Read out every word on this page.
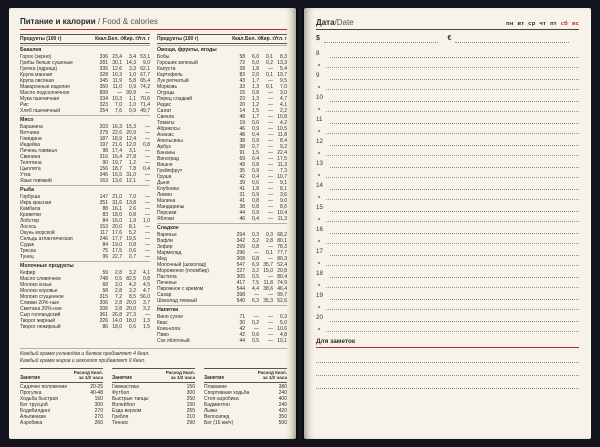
Питание и калории / Food & calories
Продукты (100 г)	Ккал. Бел. г Жир. г Угл. г
Бакалея
Горох (зерно)	336 23,4	3,4 53,1
Грибы белые сушеные	281 30,1 14,3	9,0
Гречка (ядрица)	335 12,6	3,3 62,1
Крупа манная	328 10,3	1,0 67,7
Крупа овсяная	345 11,9	5,8 65,4
Макаронные изделия	350 11,0	0,9 74,2
Масло подсолнечное	899	— 99,9	—
Мука пшеничная	334 10,3	1,1 70,6
Рис	323	7,0	1,0 71,4
Хлеб пшеничный	254	7,6	0,9 49,7
Мясо
Баранина	203 16,3 15,3	—
Ветчина	279 22,6 20,9	—
Говядина	187 18,9 12,4	—
Индейка	197 21,6 12,0	0,8
Печень говяжья	98 17,4	3,1	—
Свинина	316 16,4 27,8	—
Телятина	90 19,7	1,2	—
Цыплята	156 18,7	7,8	0,4
Утка	346 16,5 31,0	—
Язык говяжий	163 13,6 12,1	—
Рыба
Горбуша	147 21,0	7,0	—
Икра красная	251 31,6 13,8	—
Камбала	88 16,1	2,6	—
Креветки	83 18,0	0,8	—
Лобстер	84 16,0	1,9	1,0
Лосось	153 20,0	8,1	—
Окунь морской	117 17,6	5,2	—
Сельдь атлантическая	246 17,7 19,5	—
Судак	84 19,0	0,8	—
Треска	75 17,5	0,6	—
Тунец	96 22,7	0,7	—
Молочные продукты
Кефир	59	2,8	3,2	4,1
Масло сливочное	748	0,5 82,5	0,8
Молоко козье	68	3,0	4,2	4,5
Молоко коровье	58	2,8	3,2	4,7
Молоко сгущенное	315	7,2	8,5 56,0
Сливки 20%-ные	206	2,8 20,0	3,7
Сметана 20%-ная	206	2,8 20,0	3,2
Сыр голландский	361 26,8 27,3	—
Творог жирный	226 14,0 18,0	1,3
Творог нежирный	86 18,0	0,6	1,5
Продукты (100 г)	Ккал. Бел. г Жир. г Угл. г
Овощи, фрукты, ягоды
Бобы	58	6,0	0,1	8,3
Горошек зеленый	72	5,0	0,2 13,3
Капуста	28	1,8	—	5,4
Картофель	83	2,0	0,1 19,7
Лук репчатый	43	1,7	—	9,5
Морковь	33	1,3	0,1	7,0
Огурцы	15	0,8	—	3,0
Перец сладкий	23	1,3	—	4,7
Редис	20	1,2	—	4,1
Салат	14	1,5	—	2,2
Свекла	48	1,7	— 10,8
Томаты	19	0,6	—	4,2
Абрикосы	46	0,9	— 10,5
Ананас	48	0,4	— 11,8
Апельсины	38	0,9	—	8,4
Арбуз	38	0,7	—	9,2
Бананы	91	1,5	— 22,4
Виноград	69	0,4	— 17,5
Вишня	49	0,8	— 11,3
Грейпфрут	35	0,9	—	7,3
Груша	42	0,4	— 10,7
Дыня	39	0,6	—	9,1
Клубника	41	1,8	—	8,1
Лимон	31	0,9	—	3,6
Малина	41	0,8	—	9,0
Мандарины	38	0,8	—	8,6
Персики	44	0,9	— 10,4
Яблоки	46	0,4	— 11,3
Сладкое
Варенье	294	0,3	0,3 68,2
Вафли	342	3,2	2,8 80,1
Зефир	299	0,8	— 78,3
Мармелад	296	—	0,1 77,7
Мед	308	0,8	— 80,3
Молочный (шоколад)	547	6,9 35,7 52,4
Мороженое (пломбир)	227	3,2 15,0 20,8
Пастила	305	0,5	— 80,4
Печенье	417	7,5 11,8 74,9
Пирожное с кремом	544	4,4 38,6 46,4
Сахар	398	—	— 99,7
Шоколад темный	540	6,3 35,3 52,6
Напитки
Вино сухое	71	—	—	0,3
Квас	30	0,2	—	5,0
Кока-кола	42	—	— 10,6
Пиво	42	0,6	—	4,8
Сок яблочный	44	0,5	— 10,1
Каждый грамм углеводов и белков прибавляет 4 Ккал.
Каждый грамм жиров и алкоголя прибавляет 9 Ккал.
Занятие
Расход Ккал.
за 1/2 часа
Сидячее положение	20-25
Прогулка	40-48
Ходьба быстрая	160
Бег трусцой	300
Бодибилдинг	270
Альпинизм	270
Аэробика	260
Занятие
Расход Ккал.
за 1/2 часа
Гимнастика	150
Футбол	300
Быстрые танцы	250
Волейбол	150
Езда верхом	255
Гребля	210
Теннис	290
Занятие
Расход Ккал.
за 1/2 часа
Плавание	380
Спортивная ходьба	240
Степ-аэробика	400
Бадминтон	240
Лыжи	420
Велосипед	350
Бег (16 км/ч)	500
Дата/Date	пн вт ср чт пт сб вс
$	€
8
9
10
11
12
13
14
15
16
17
18
19
20
Для заметок
